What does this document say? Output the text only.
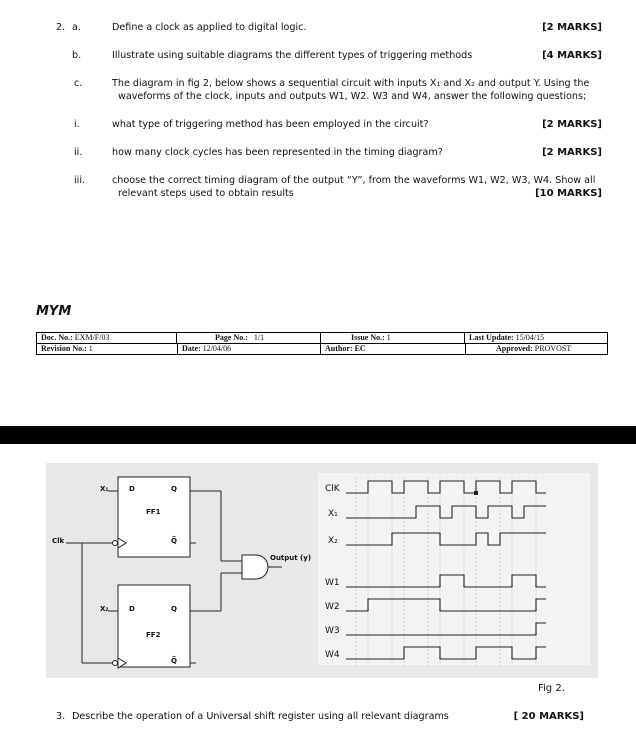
2. a.	Define a clock as applied to digital logic.	[2 MARKS]
b.	Illustrate using suitable diagrams the different types of triggering methods	[4 MARKS]
c.	The diagram in fig 2, below shows a sequential circuit with inputs X₁ and X₂ and output Y. Using the
waveforms of the clock, inputs and outputs W1, W2. W3 and W4, answer the following questions;
i.	what type of triggering method has been employed in the circuit?	[2 MARKS]
ii.	how many clock cycles has been represented in the timing diagram?	[2 MARKS]
iii.	choose the correct timing diagram of the output “Y”, from the waveforms W1, W2, W3, W4. Show all
relevant steps used to obtain results	[10 MARKS]
MYM
Doc. No.: EXM/F/03	Page No.: 1/1	Issue No.: 1	Last Update: 15/04/15
Revision No.: 1	Date: 12/04/06	Author: EC	Approved: PROVOST
X₁	D	Q
FF1
Q̅
Clk
X₂	D	Q
FF2
Q̅
Output (y)
ClK
X₁
X₂
W1
W2
W3
W4
Fig 2.
3. Describe the operation of a Universal shift register using all relevant diagrams	[ 20 MARKS]
